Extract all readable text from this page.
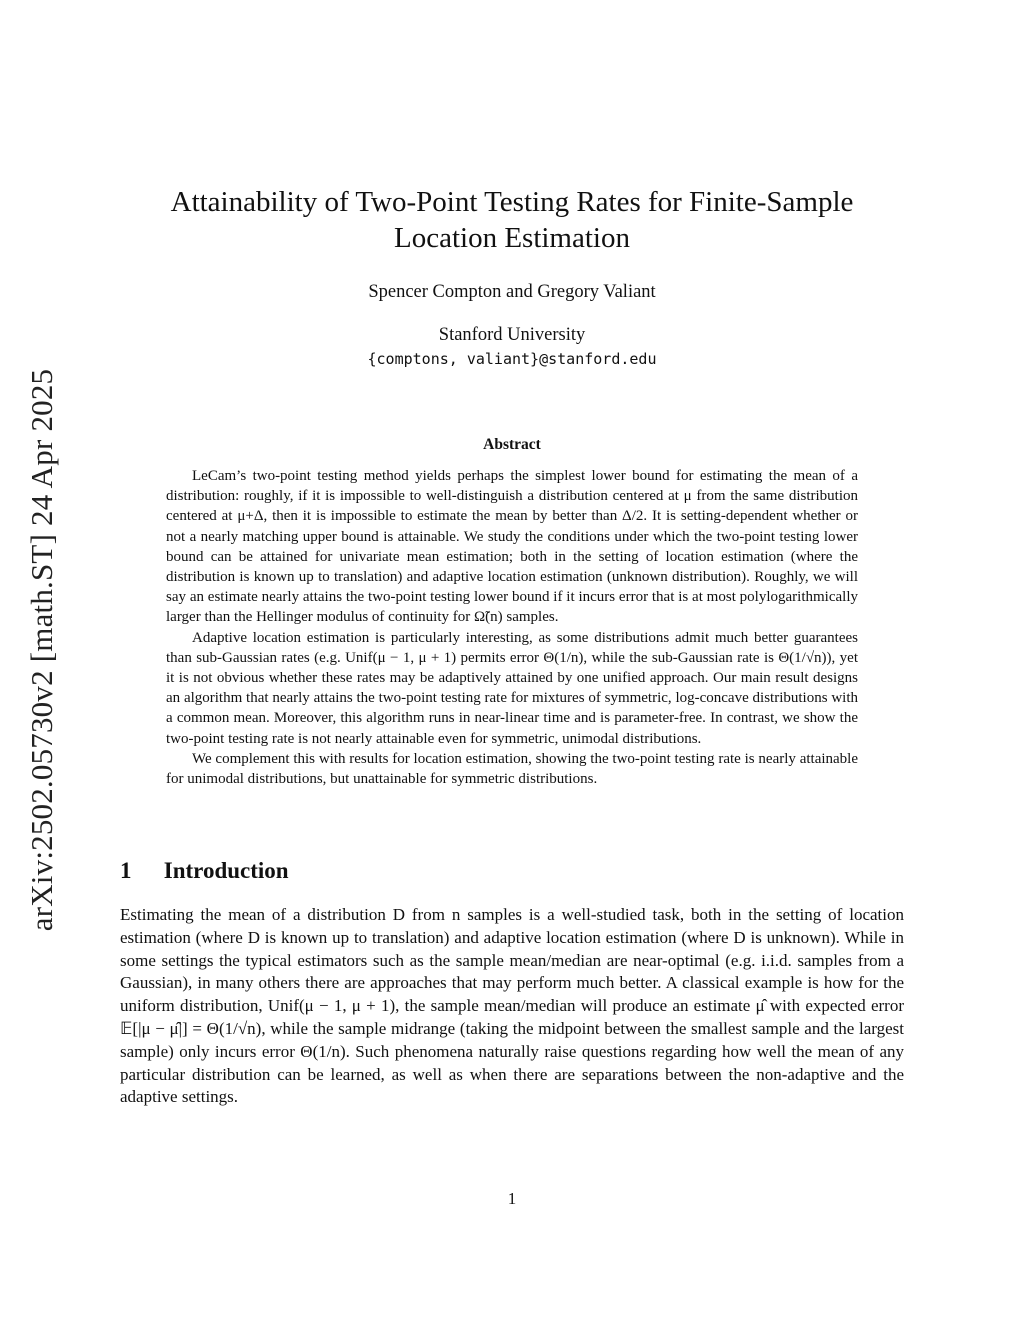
arXiv:2502.05730v2 [math.ST] 24 Apr 2025
Attainability of Two-Point Testing Rates for Finite-Sample
Location Estimation
Spencer Compton and Gregory Valiant
Stanford University
{comptons, valiant}@stanford.edu
Abstract

LeCam’s two-point testing method yields perhaps the simplest lower bound for estimating the mean of a distribution: roughly, if it is impossible to well-distinguish a distribution centered at μ from the same distribution centered at μ+Δ, then it is impossible to estimate the mean by better than Δ/2. It is setting-dependent whether or not a nearly matching upper bound is attainable. We study the conditions under which the two-point testing lower bound can be attained for univariate mean estimation; both in the setting of location estimation (where the distribution is known up to translation) and adaptive location estimation (unknown distribution). Roughly, we will say an estimate nearly attains the two-point testing lower bound if it incurs error that is at most polylogarithmically larger than the Hellinger modulus of continuity for Ω̃(n) samples.

Adaptive location estimation is particularly interesting, as some distributions admit much better guarantees than sub-Gaussian rates (e.g. Unif(μ − 1, μ + 1) permits error Θ(1/n), while the sub-Gaussian rate is Θ(1/√n)), yet it is not obvious whether these rates may be adaptively attained by one unified approach. Our main result designs an algorithm that nearly attains the two-point testing rate for mixtures of symmetric, log-concave distributions with a common mean. Moreover, this algorithm runs in near-linear time and is parameter-free. In contrast, we show the two-point testing rate is not nearly attainable even for symmetric, unimodal distributions.

We complement this with results for location estimation, showing the two-point testing rate is nearly attainable for unimodal distributions, but unattainable for symmetric distributions.

1 Introduction

Estimating the mean of a distribution D from n samples is a well-studied task, both in the setting of location estimation (where D is known up to translation) and adaptive location estimation (where D is unknown). While in some settings the typical estimators such as the sample mean/median are near-optimal (e.g. i.i.d. samples from a Gaussian), in many others there are approaches that may perform much better. A classical example is how for the uniform distribution, Unif(μ − 1, μ + 1), the sample mean/median will produce an estimate μ̂ with expected error 𝔼[|μ − μ̂|] = Θ(1/√n), while the sample midrange (taking the midpoint between the smallest sample and the largest sample) only incurs error Θ(1/n). Such phenomena naturally raise questions regarding how well the mean of any particular distribution can be learned, as well as when there are separations between the non-adaptive and the adaptive settings.

1
